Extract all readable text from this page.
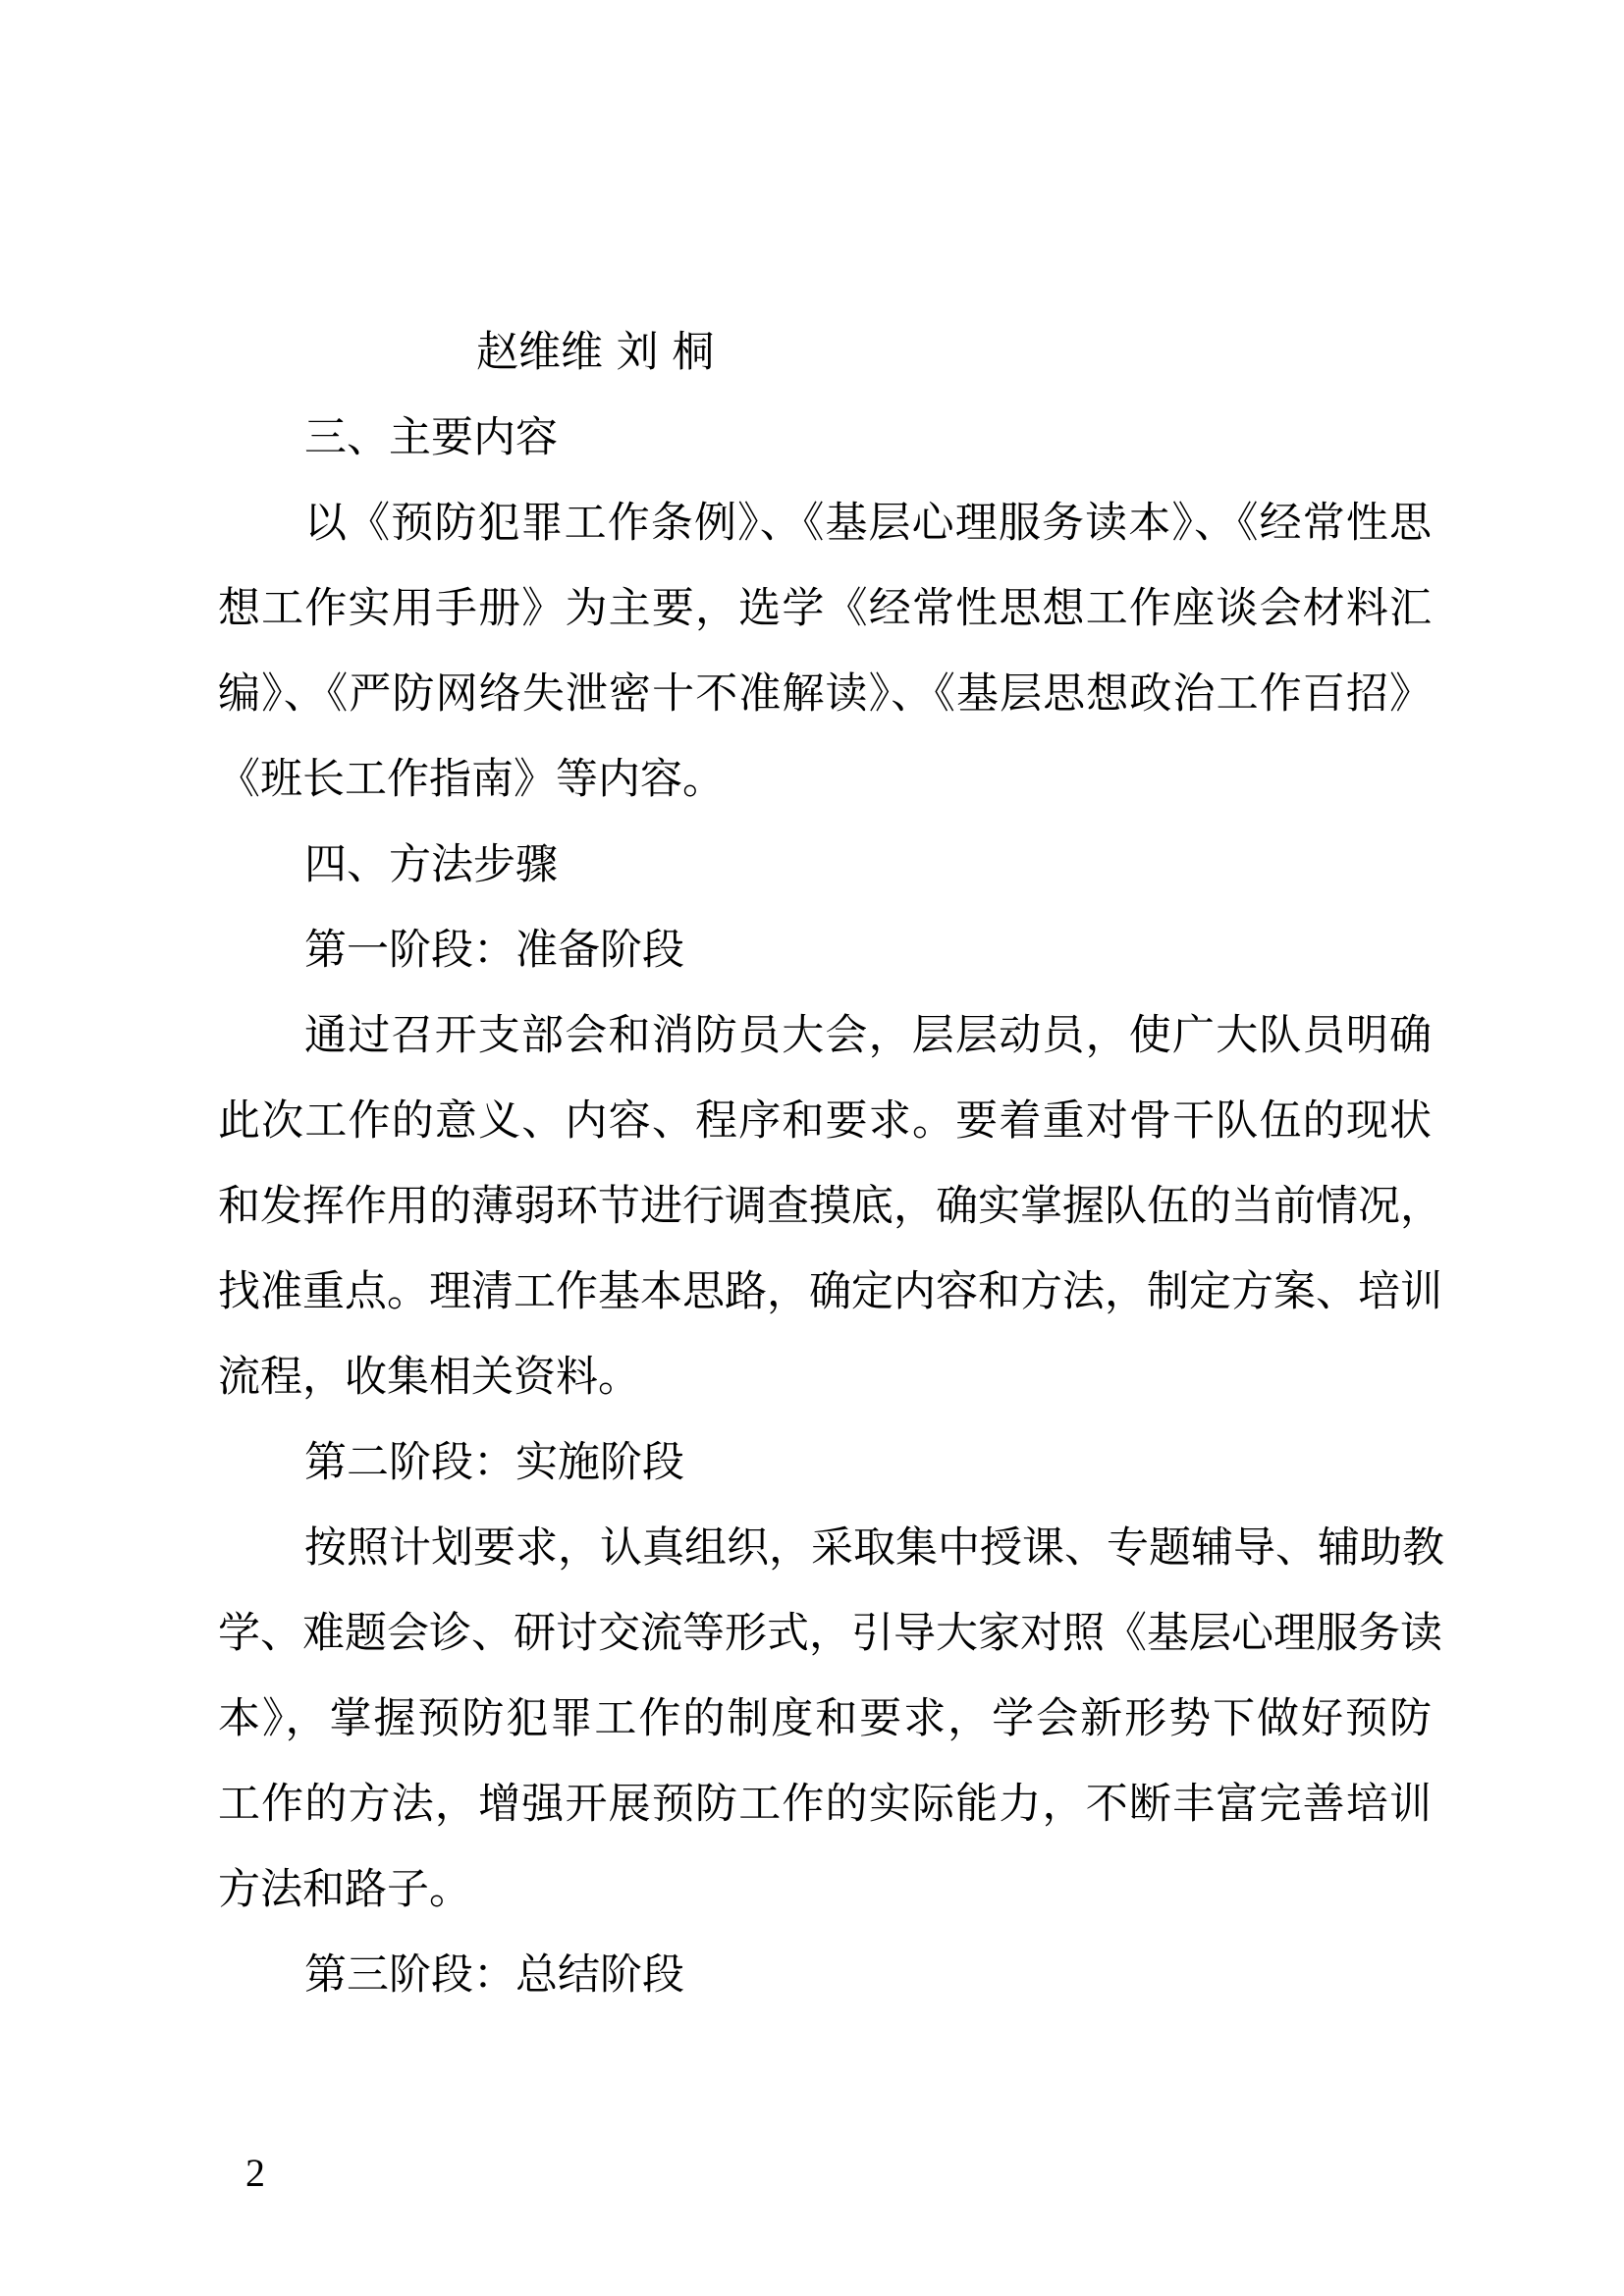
赵维维 刘 桐
三、主要内容
以《预防犯罪工作条例》、《基层心理服务读本》、《经常性思
想工作实用手册》为主要，选学《经常性思想工作座谈会材料汇
编》、《严防网络失泄密十不准解读》、《基层思想政治工作百招》
《班长工作指南》等内容。
四、方法步骤
第一阶段：准备阶段
通过召开支部会和消防员大会，层层动员，使广大队员明确
此次工作的意义、内容、程序和要求。要着重对骨干队伍的现状
和发挥作用的薄弱环节进行调查摸底，确实掌握队伍的当前情况，
找准重点。理清工作基本思路，确定内容和方法，制定方案、培训
流程，收集相关资料。
第二阶段：实施阶段
按照计划要求，认真组织，采取集中授课、专题辅导、辅助教
学、难题会诊、研讨交流等形式，引导大家对照《基层心理服务读
本》，掌握预防犯罪工作的制度和要求，学会新形势下做好预防
工作的方法，增强开展预防工作的实际能力，不断丰富完善培训
方法和路子。
第三阶段：总结阶段
2
